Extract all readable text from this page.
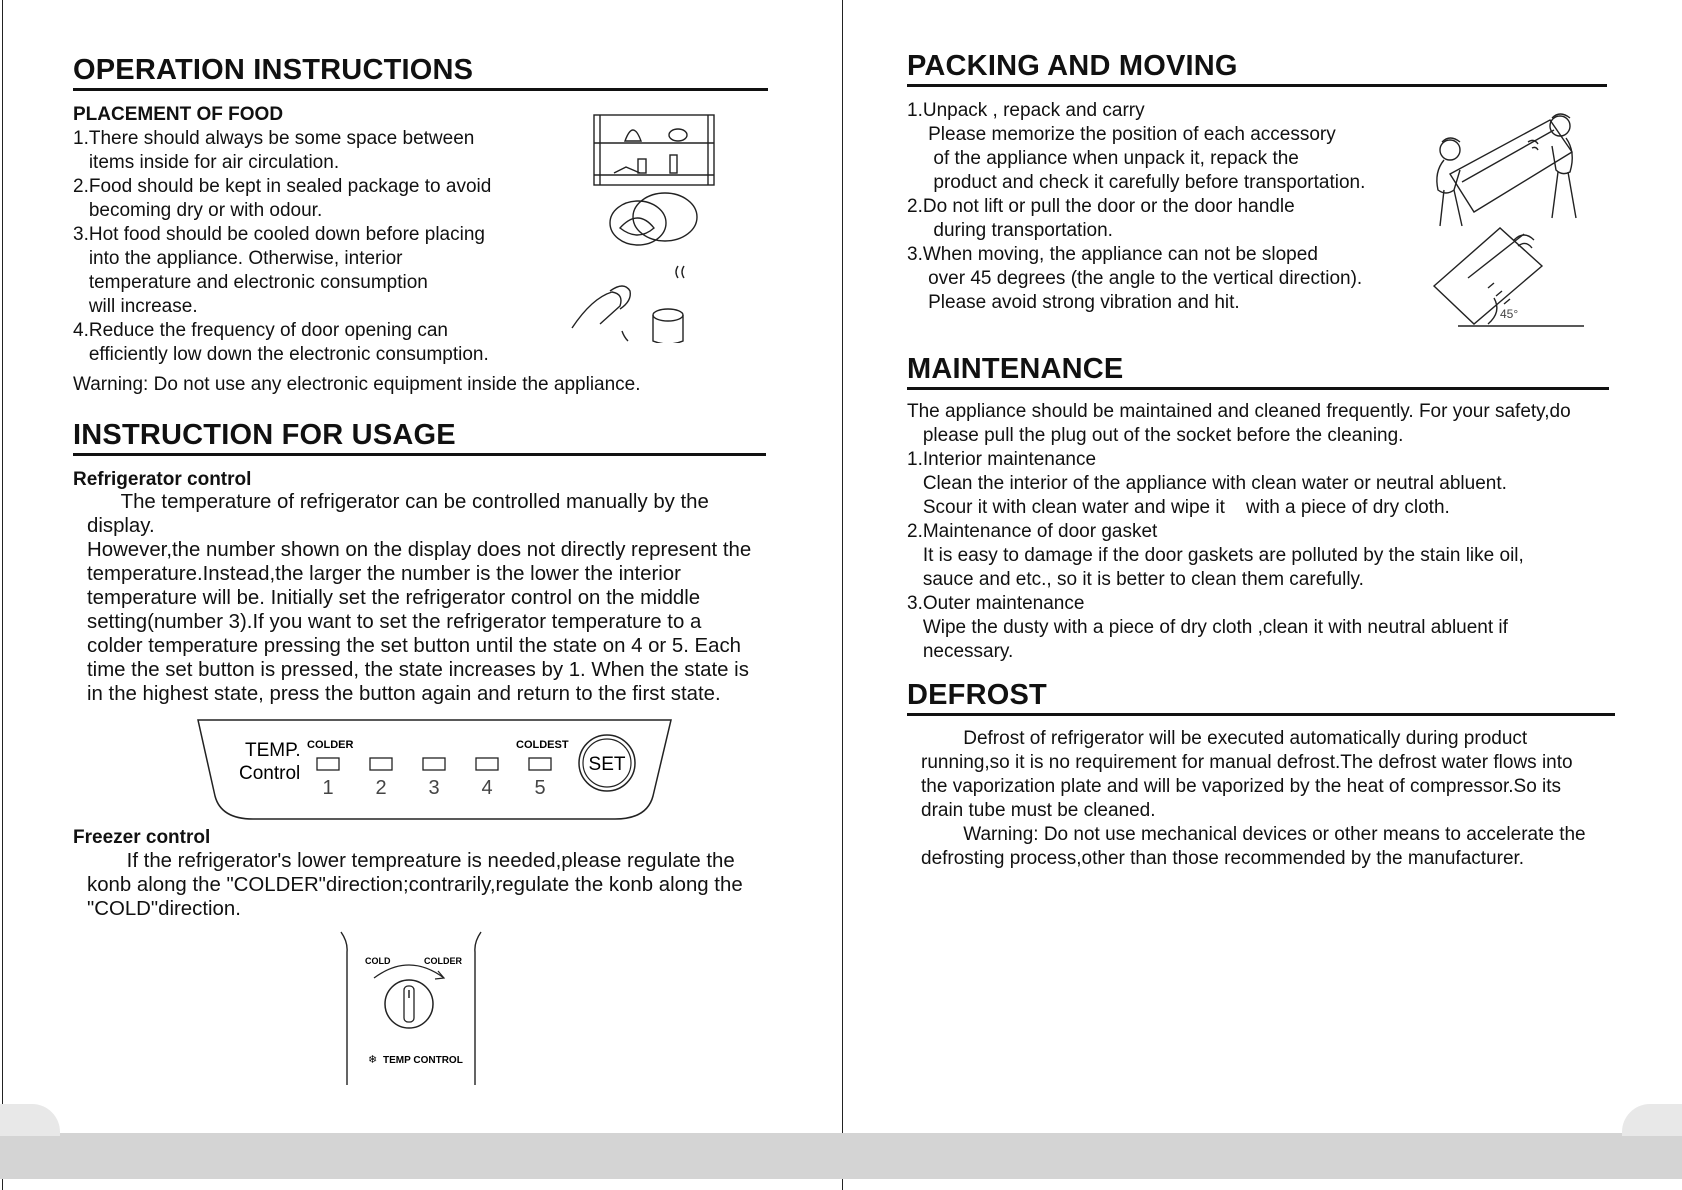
OPERATION INSTRUCTIONS
PLACEMENT OF FOOD
1.There should always be some space between
items inside for air circulation.
2.Food should be kept in sealed package to avoid
becoming dry or with odour.
3.Hot food should be cooled down before placing
into the appliance. Otherwise, interior
temperature and electronic consumption
will increase.
4.Reduce the frequency of door opening can
efficiently low down the electronic consumption.
Warning: Do not use any electronic equipment inside the appliance.
INSTRUCTION FOR USAGE
Refrigerator control
The temperature of refrigerator can be controlled manually by the
display.
However,the number shown on the display does not directly represent the
temperature.Instead,the larger the number is the lower the interior
temperature will be. Initially set the refrigerator control on the middle
setting(number 3).If you want to set the refrigerator temperature to a
colder temperature pressing the set button until the state on 4 or 5. Each
time the set button is pressed, the state increases by 1. When the state is
in the highest state, press the button again and return to the first state.
TEMP.
Control
COLDER	COLDEST
1 2 3 4 5
SET
Freezer control
If the refrigerator's lower tempreature is needed,please regulate the
konb along the "COLDER"direction;contrarily,regulate the konb along the
"COLD"direction.
COLD	COLDER
❄ TEMP CONTROL
PACKING AND MOVING
1.Unpack , repack and carry
Please memorize the position of each accessory
of the appliance when unpack it, repack the
product and check it carefully before transportation.
2.Do not lift or pull the door or the door handle
during transportation.
3.When moving, the appliance can not be sloped
over 45 degrees (the angle to the vertical direction).
Please avoid strong vibration and hit.
45°
MAINTENANCE
The appliance should be maintained and cleaned frequently. For your safety,do
please pull the plug out of the socket before the cleaning.
1.Interior maintenance
Clean the interior of the appliance with clean water or neutral abluent.
Scour it with clean water and wipe it    with a piece of dry cloth.
2.Maintenance of door gasket
It is easy to damage if the door gaskets are polluted by the stain like oil,
sauce and etc., so it is better to clean them carefully.
3.Outer maintenance
Wipe the dusty with a piece of dry cloth ,clean it with neutral abluent if
necessary.
DEFROST
Defrost of refrigerator will be executed automatically during product
running,so it is no requirement for manual defrost.The defrost water flows into
the vaporization plate and will be vaporized by the heat of compressor.So its
drain tube must be cleaned.
Warning: Do not use mechanical devices or other means to accelerate the
defrosting process,other than those recommended by the manufacturer.
